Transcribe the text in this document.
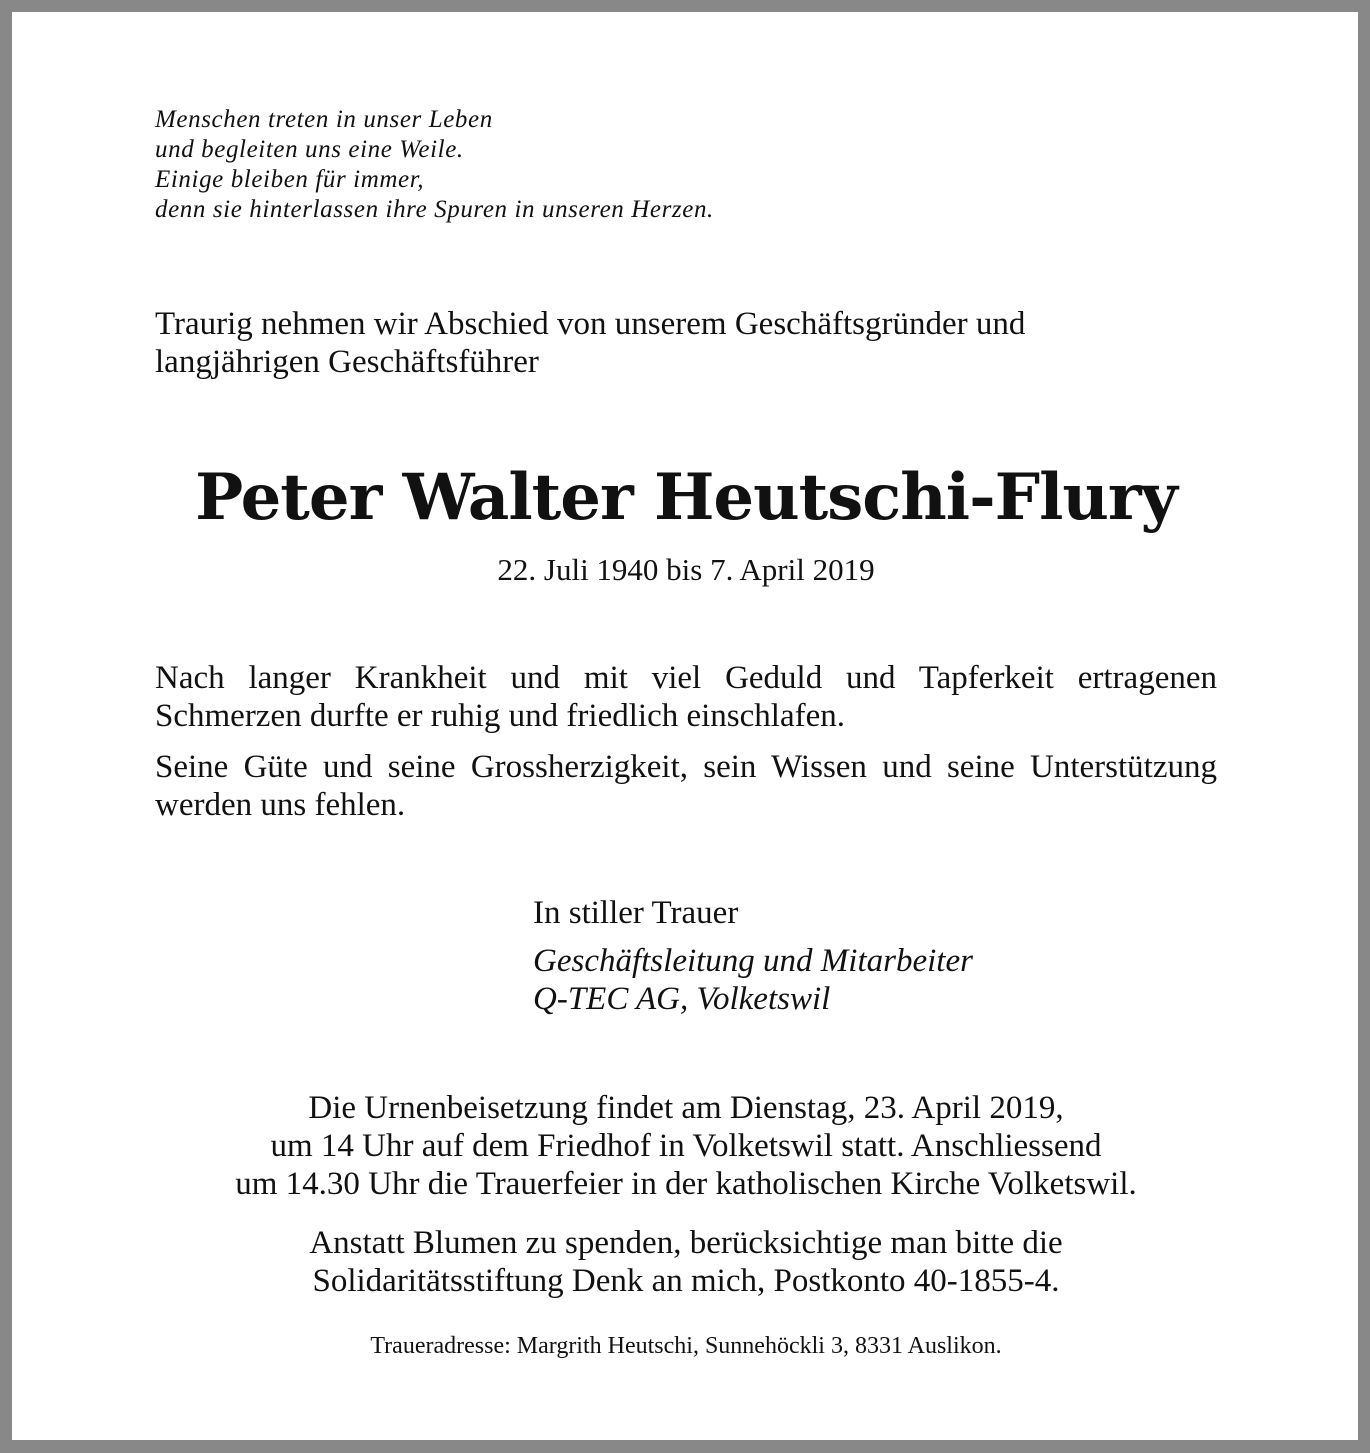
Menschen treten in unser Leben
und begleiten uns eine Weile.
Einige bleiben für immer,
denn sie hinterlassen ihre Spuren in unseren Herzen.
Traurig nehmen wir Abschied von unserem Geschäftsgründer und
langjährigen Geschäftsführer
Peter Walter Heutschi-Flury
22. Juli 1940 bis 7. April 2019
Nach langer Krankheit und mit viel Geduld und Tapferkeit ertragenen Schmerzen durfte er ruhig und friedlich einschlafen.
Seine Güte und seine Grossherzigkeit, sein Wissen und seine Unterstützung werden uns fehlen.
In stiller Trauer
Geschäftsleitung und Mitarbeiter
Q-TEC AG, Volketswil
Die Urnenbeisetzung findet am Dienstag, 23. April 2019,
um 14 Uhr auf dem Friedhof in Volketswil statt. Anschliessend
um 14.30 Uhr die Trauerfeier in der katholischen Kirche Volketswil.
Anstatt Blumen zu spenden, berücksichtige man bitte die
Solidaritätsstiftung Denk an mich, Postkonto 40-1855-4.
Traueradresse: Margrith Heutschi, Sunnehöckli 3, 8331 Auslikon.
